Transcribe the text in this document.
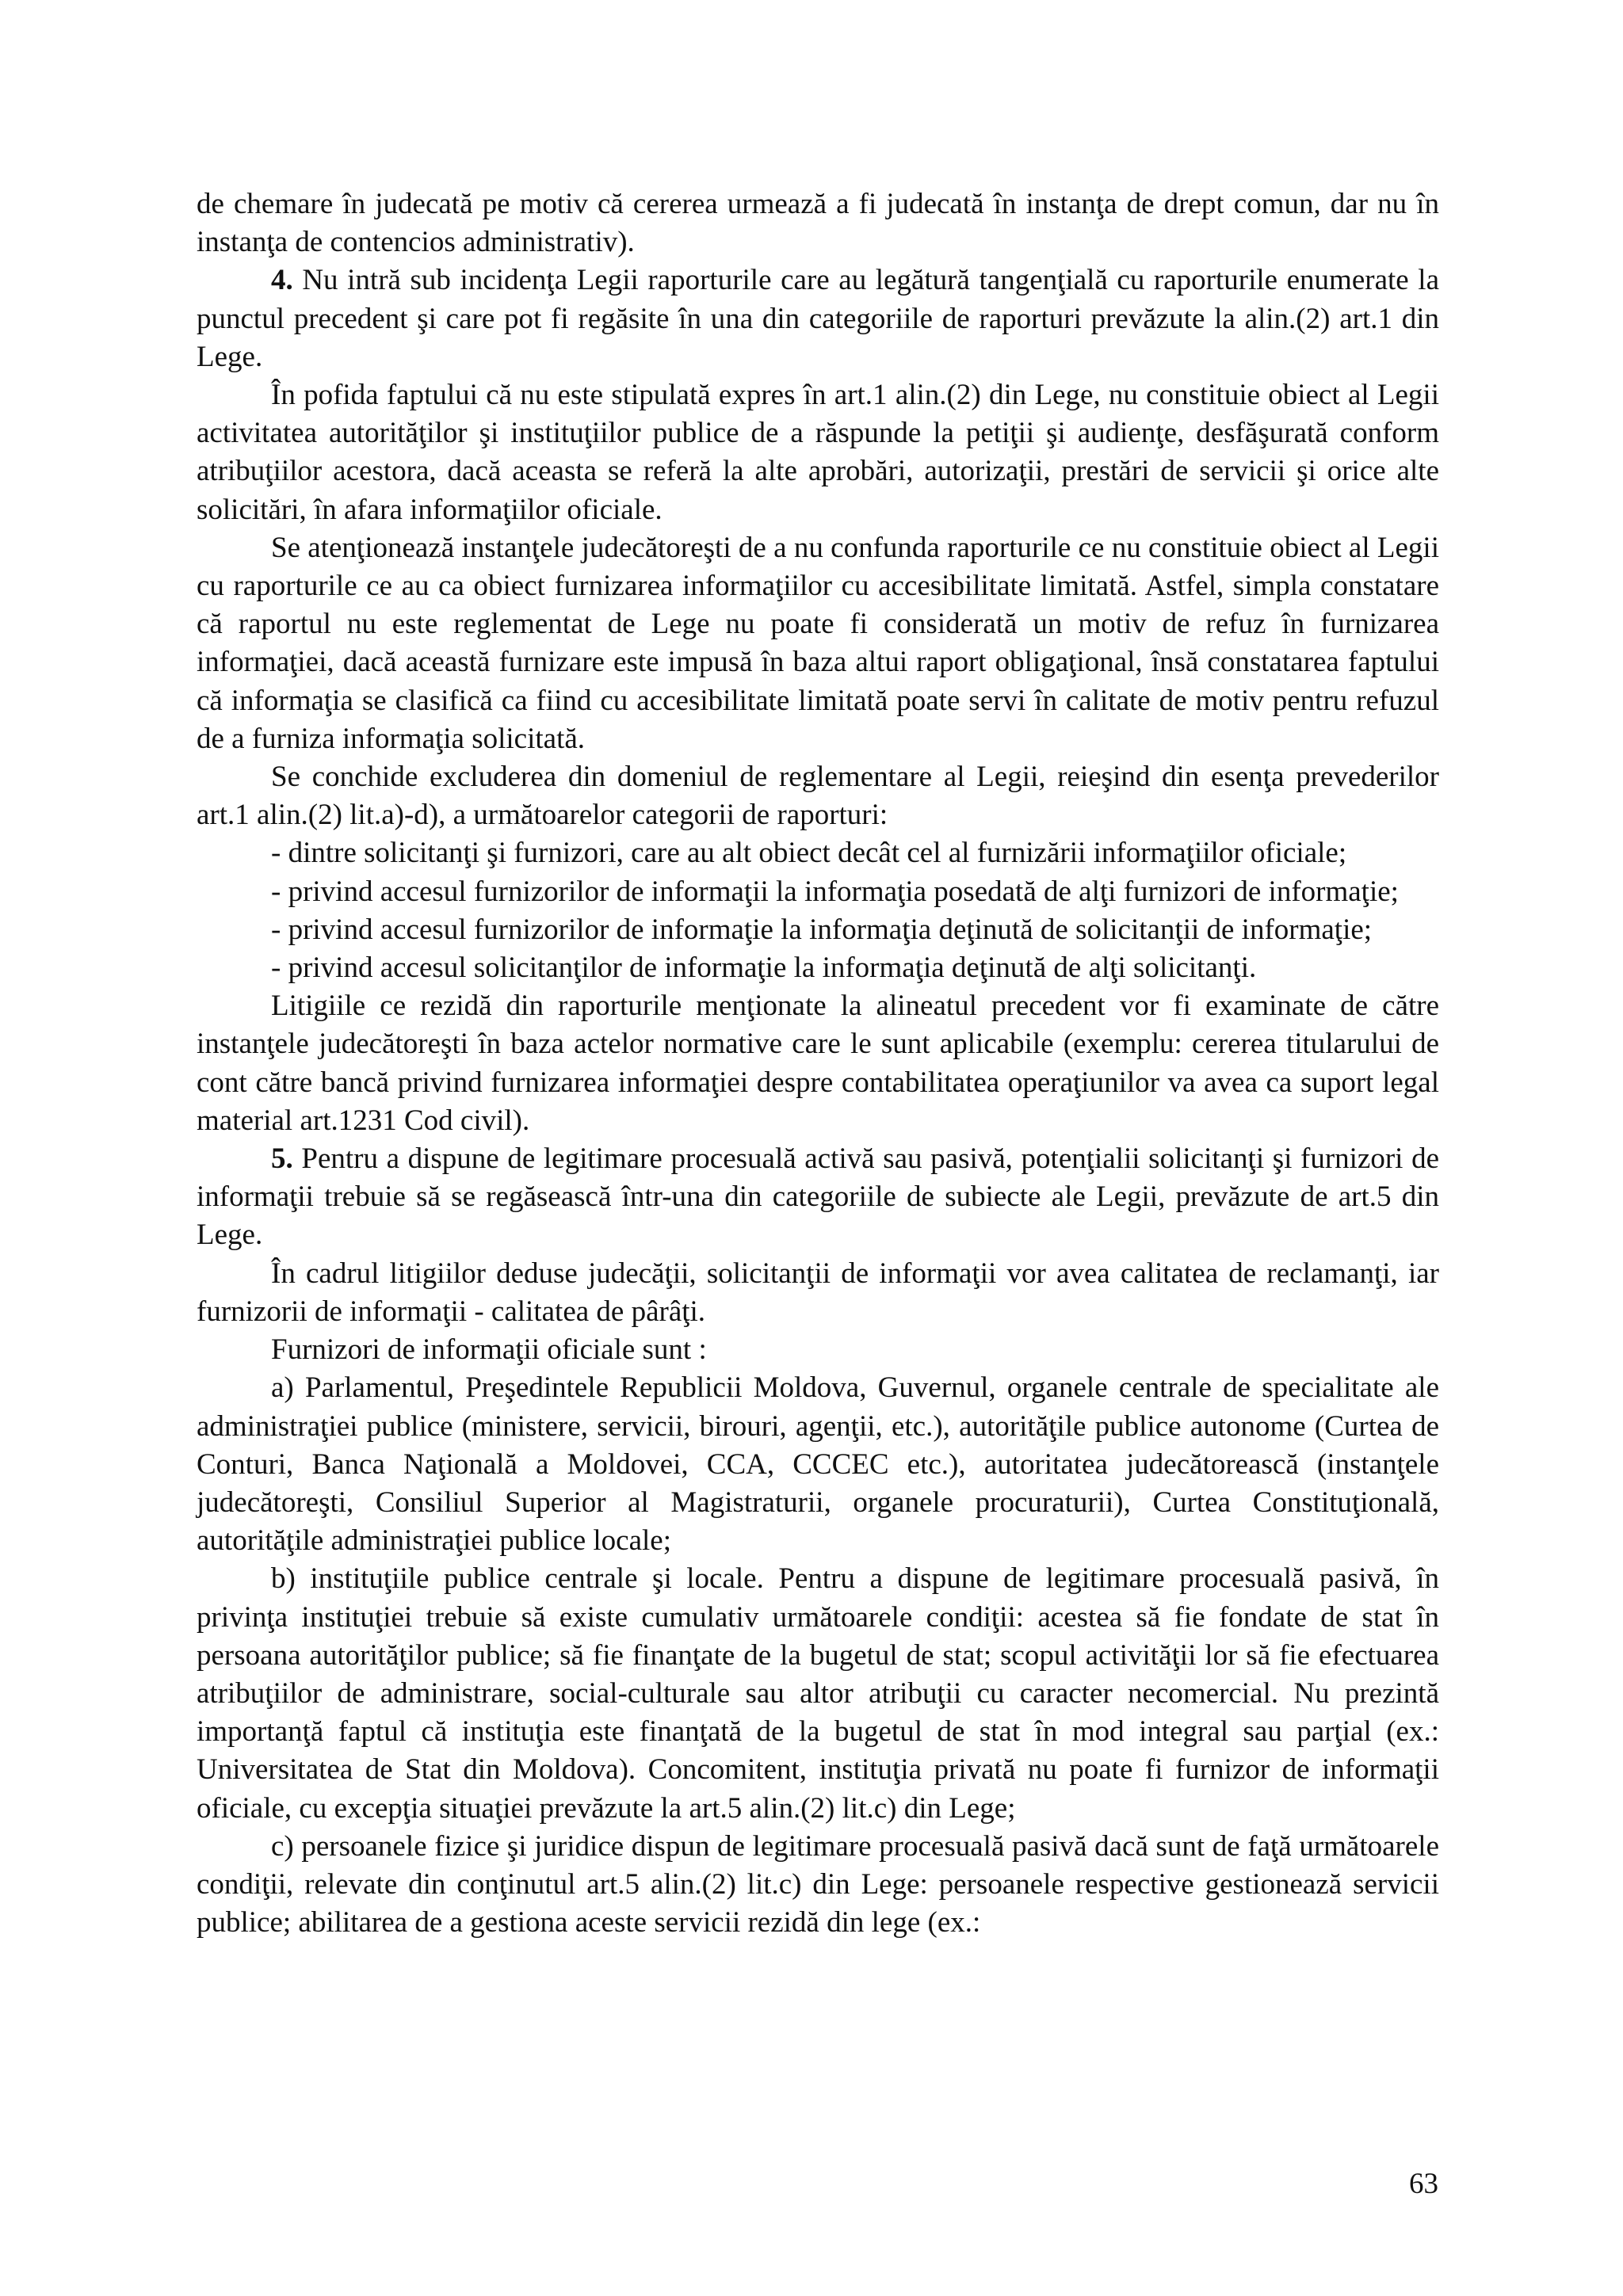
de chemare în judecată pe motiv că cererea urmează a fi judecată în instanţa de drept comun, dar nu în instanţa de contencios administrativ).

4. Nu intră sub incidenţa Legii raporturile care au legătură tangenţială cu raporturile enumerate la punctul precedent şi care pot fi regăsite în una din categoriile de raporturi prevăzute la alin.(2) art.1 din Lege.

În pofida faptului că nu este stipulată expres în art.1 alin.(2) din Lege, nu constituie obiect al Legii activitatea autorităţilor şi instituţiilor publice de a răspunde la petiţii şi audienţe, desfăşurată conform atribuţiilor acestora, dacă aceasta se referă la alte aprobări, autorizaţii, prestări de servicii şi orice alte solicitări, în afara informaţiilor oficiale.

Se atenţionează instanţele judecătoreşti de a nu confunda raporturile ce nu constituie obiect al Legii cu raporturile ce au ca obiect furnizarea informaţiilor cu accesibilitate limitată. Astfel, simpla constatare că raportul nu este reglementat de Lege nu poate fi considerată un motiv de refuz în furnizarea informaţiei, dacă această furnizare este impusă în baza altui raport obligaţional, însă constatarea faptului că informaţia se clasifică ca fiind cu accesibilitate limitată poate servi în calitate de motiv pentru refuzul de a furniza informaţia solicitată.

Se conchide excluderea din domeniul de reglementare al Legii, reieşind din esenţa prevederilor art.1 alin.(2) lit.a)-d), a următoarelor categorii de raporturi:

- dintre solicitanţi şi furnizori, care au alt obiect decât cel al furnizării informaţiilor oficiale;

- privind accesul furnizorilor de informaţii la informaţia posedată de alţi furnizori de informaţie;

- privind accesul furnizorilor de informaţie la informaţia deţinută de solicitanţii de informaţie;

- privind accesul solicitanţilor de informaţie la informaţia deţinută de alţi solicitanţi.

Litigiile ce rezidă din raporturile menţionate la alineatul precedent vor fi examinate de către instanţele judecătoreşti în baza actelor normative care le sunt aplicabile (exemplu: cererea titularului de cont către bancă privind furnizarea informaţiei despre contabilitatea operaţiunilor va avea ca suport legal material art.1231 Cod civil).

5. Pentru a dispune de legitimare procesuală activă sau pasivă, potenţialii solicitanţi şi furnizori de informaţii trebuie să se regăsească într-una din categoriile de subiecte ale Legii, prevăzute de art.5 din Lege.

În cadrul litigiilor deduse judecăţii, solicitanţii de informaţii vor avea calitatea de reclamanţi, iar furnizorii de informaţii - calitatea de pârâţi.

Furnizori de informaţii oficiale sunt :

a) Parlamentul, Preşedintele Republicii Moldova, Guvernul, organele centrale de specialitate ale administraţiei publice (ministere, servicii, birouri, agenţii, etc.), autorităţile publice autonome (Curtea de Conturi, Banca Naţională a Moldovei, CCA, CCCEC etc.), autoritatea judecătorească (instanţele judecătoreşti, Consiliul Superior al Magistraturii, organele procuraturii), Curtea Constituţională, autorităţile administraţiei publice locale;

b) instituţiile publice centrale şi locale. Pentru a dispune de legitimare procesuală pasivă, în privinţa instituţiei trebuie să existe cumulativ următoarele condiţii: acestea să fie fondate de stat în persoana autorităţilor publice; să fie finanţate de la bugetul de stat; scopul activităţii lor să fie efectuarea atribuţiilor de administrare, social-culturale sau altor atribuţii cu caracter necomercial. Nu prezintă importanţă faptul că instituţia este finanţată de la bugetul de stat în mod integral sau parţial (ex.: Universitatea de Stat din Moldova). Concomitent, instituţia privată nu poate fi furnizor de informaţii oficiale, cu excepţia situaţiei prevăzute la art.5 alin.(2) lit.c) din Lege;

c) persoanele fizice şi juridice dispun de legitimare procesuală pasivă dacă sunt de faţă următoarele condiţii, relevate din conţinutul art.5 alin.(2) lit.c) din Lege: persoanele respective gestionează servicii publice; abilitarea de a gestiona aceste servicii rezidă din lege (ex.:

63
